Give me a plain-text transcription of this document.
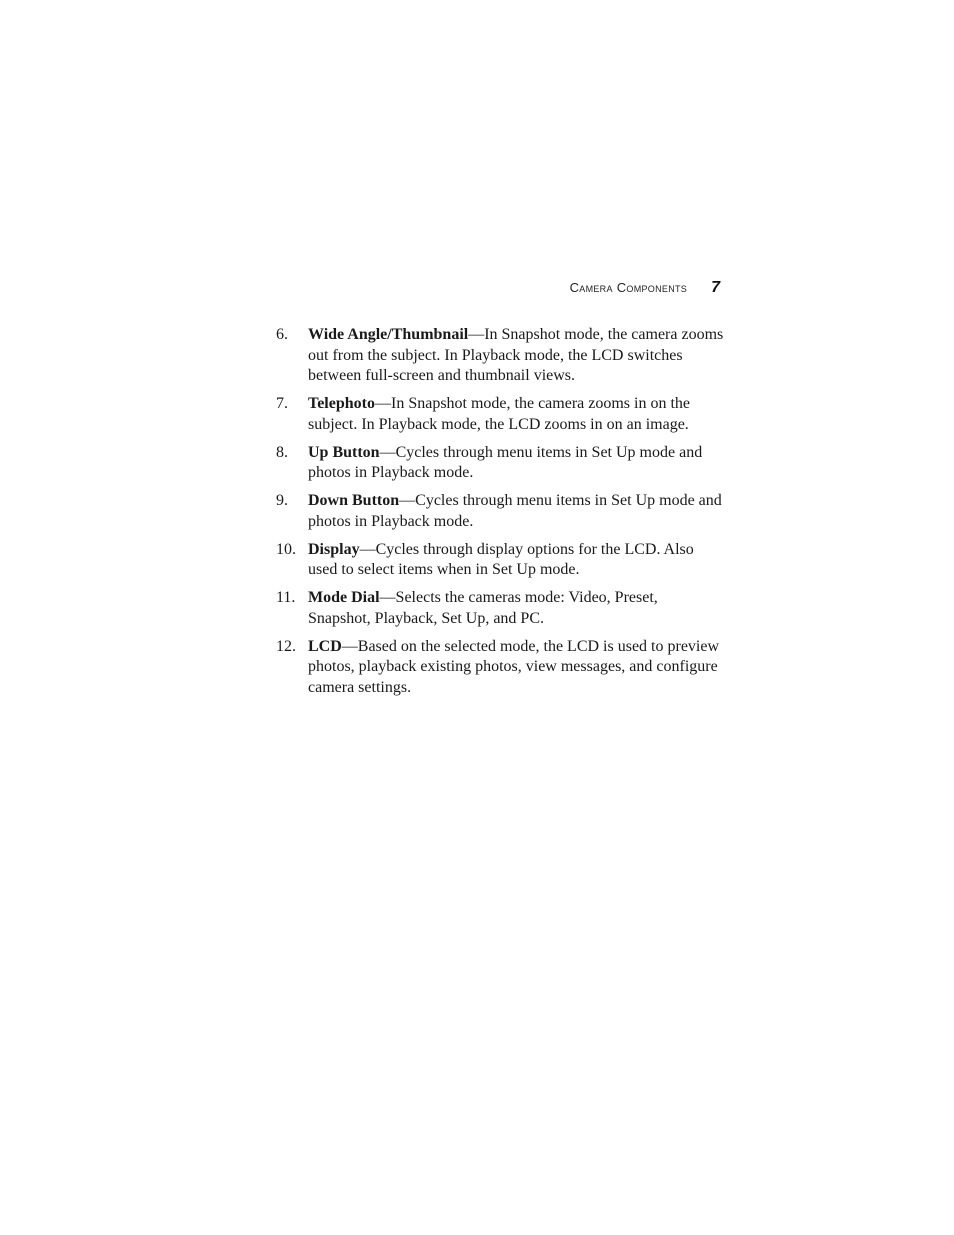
Camera Components 7
6.	Wide Angle/Thumbnail—In Snapshot mode, the camera zooms out from the subject. In Playback mode, the LCD switches between full-screen and thumbnail views.
7.	Telephoto—In Snapshot mode, the camera zooms in on the subject. In Playback mode, the LCD zooms in on an image.
8.	Up Button—Cycles through menu items in Set Up mode and photos in Playback mode.
9.	Down Button—Cycles through menu items in Set Up mode and photos in Playback mode.
10. Display—Cycles through display options for the LCD. Also used to select items when in Set Up mode.
11. Mode Dial—Selects the cameras mode: Video, Preset, Snapshot, Playback, Set Up, and PC.
12. LCD—Based on the selected mode, the LCD is used to preview photos, playback existing photos, view messages, and configure camera settings.
